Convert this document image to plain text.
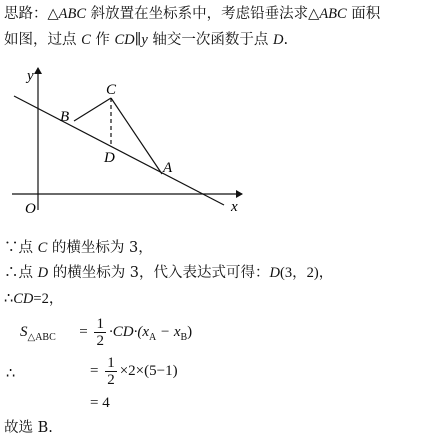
思路：△ABC 斜放置在坐标系中，考虑铅垂法求△ABC 面积
如图，过点 C 作 CD∥y 轴交一次函数于点 D.
y
x
O
B
C
D
A
∵点 C 的横坐标为 3，
∴点 D 的横坐标为 3，代入表达式可得：D(3，2)，
∴CD=2，
$S_{\triangle ABC} = \frac{1}{2} \cdot CD\cdot(x_A - x_B)$
∴	= $\frac{1}{2} \times 2\times(5-1)$
= 4
故选 B.
